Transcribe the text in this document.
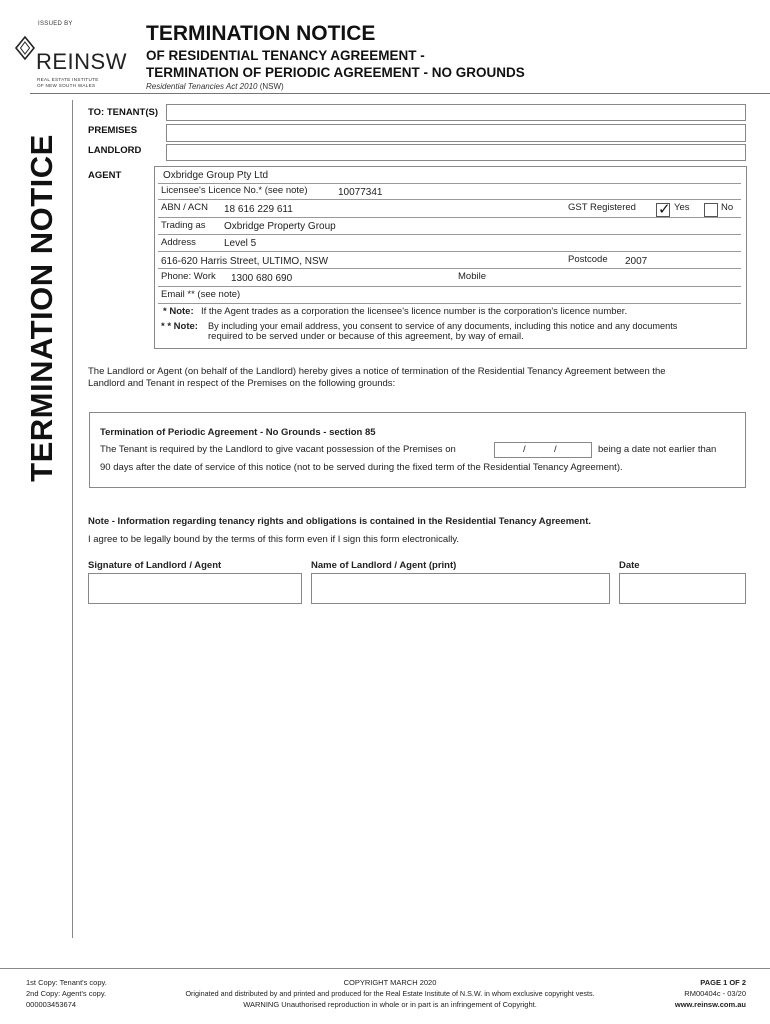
ISSUED BY
REINSW
REAL ESTATE INSTITUTE
OF NEW SOUTH WALES
TERMINATION NOTICE
OF RESIDENTIAL TENANCY AGREEMENT -
TERMINATION OF PERIODIC AGREEMENT - NO GROUNDS
Residential Tenancies Act 2010 (NSW)
TERMINATION NOTICE
TO: TENANT(S)
PREMISES
LANDLORD
AGENT	Oxbridge Group Pty Ltd
Licensee's Licence No.* (see note)	10077341
ABN / ACN 18 616 229 611	GST Registered ✓ Yes	No
Trading as Oxbridge Property Group
Address	Level 5
616-620 Harris Street, ULTIMO, NSW	Postcode 2007
Phone: Work 1300 680 690	Mobile
Email ** (see note)
* Note: If the Agent trades as a corporation the licensee's licence number is the corporation's licence number.
* * Note: By including your email address, you consent to service of any documents, including this notice and any documents
required to be served under or because of this agreement, by way of email.
The Landlord or Agent (on behalf of the Landlord) hereby gives a notice of termination of the Residential Tenancy Agreement between the
Landlord and Tenant in respect of the Premises on the following grounds:
Termination of Periodic Agreement - No Grounds - section 85
The Tenant is required by the Landlord to give vacant possession of the Premises on	/	/	being a date not earlier than
90 days after the date of service of this notice (not to be served during the fixed term of the Residential Tenancy Agreement).
Note - Information regarding tenancy rights and obligations is contained in the Residential Tenancy Agreement.
I agree to be legally bound by the terms of this form even if I sign this form electronically.
Signature of Landlord / Agent	Name of Landlord / Agent (print)	Date
1st Copy: Tenant's copy.
2nd Copy: Agent's copy.
000003453674
COPYRIGHT MARCH 2020
Originated and distributed by and printed and produced for the Real Estate Institute of N.S.W. in whom exclusive copyright vests.
WARNING Unauthorised reproduction in whole or in part is an infringement of Copyright.
PAGE 1 OF 2
RM00404c - 03/20
www.reinsw.com.au
